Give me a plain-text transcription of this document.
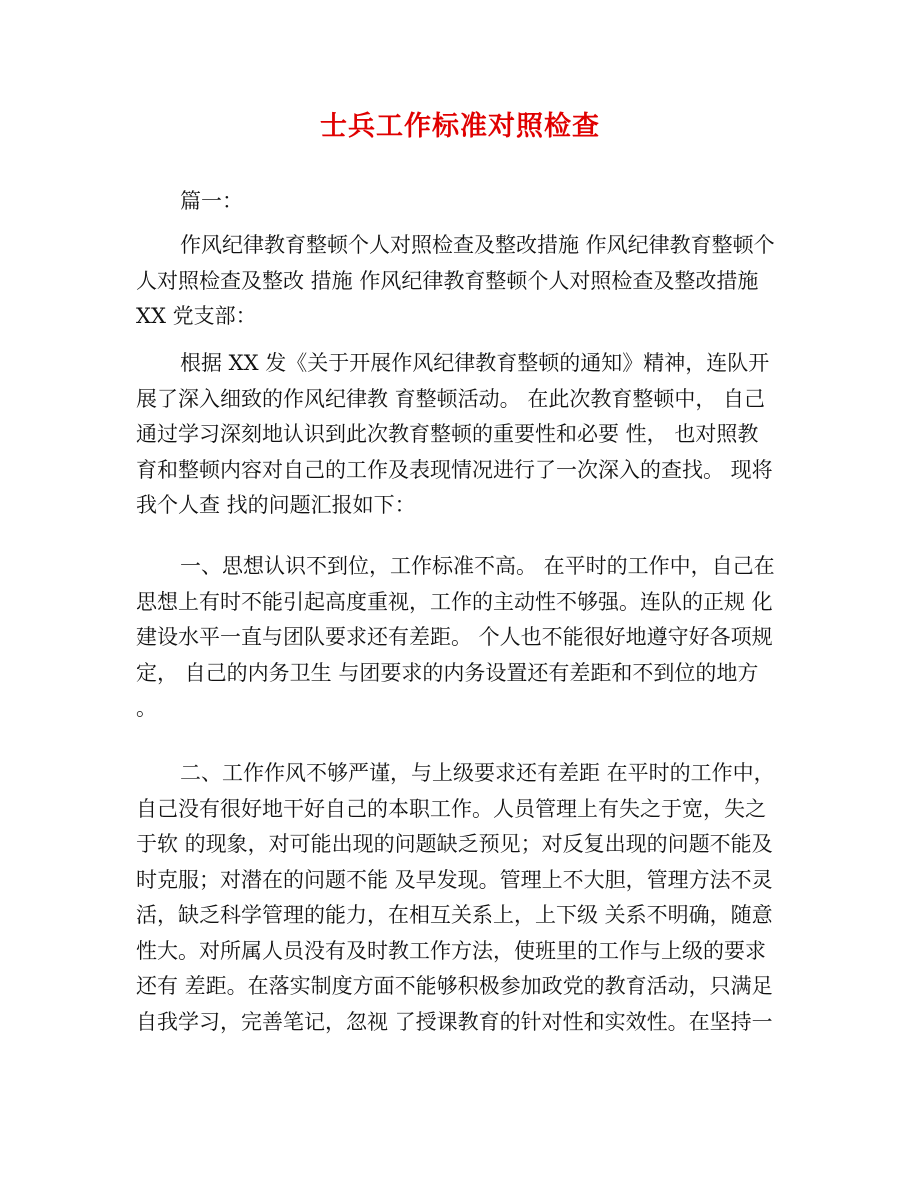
士兵工作标准对照检查
篇一：
作风纪律教育整顿个人对照检查及整改措施 作风纪律教育整顿个
人对照检查及整改 措施 作风纪律教育整顿个人对照检查及整改措施
XX 党支部：
根据 XX 发《关于开展作风纪律教育整顿的通知》精神，连队开
展了深入细致的作风纪律教 育整顿活动。 在此次教育整顿中， 自己
通过学习深刻地认识到此次教育整顿的重要性和必要 性， 也对照教
育和整顿内容对自己的工作及表现情况进行了一次深入的查找。 现将
我个人查 找的问题汇报如下：
一、思想认识不到位，工作标准不高。 在平时的工作中，自己在
思想上有时不能引起高度重视，工作的主动性不够强。连队的正规 化
建设水平一直与团队要求还有差距。 个人也不能很好地遵守好各项规
定， 自己的内务卫生 与团要求的内务设置还有差距和不到位的地方
。
二、工作作风不够严谨，与上级要求还有差距 在平时的工作中，
自己没有很好地干好自己的本职工作。人员管理上有失之于宽，失之
于软 的现象，对可能出现的问题缺乏预见；对反复出现的问题不能及
时克服；对潜在的问题不能 及早发现。管理上不大胆，管理方法不灵
活，缺乏科学管理的能力，在相互关系上，上下级 关系不明确，随意
性大。对所属人员没有及时教工作方法，使班里的工作与上级的要求
还有 差距。在落实制度方面不能够积极参加政党的教育活动，只满足
自我学习，完善笔记，忽视 了授课教育的针对性和实效性。在坚持一
